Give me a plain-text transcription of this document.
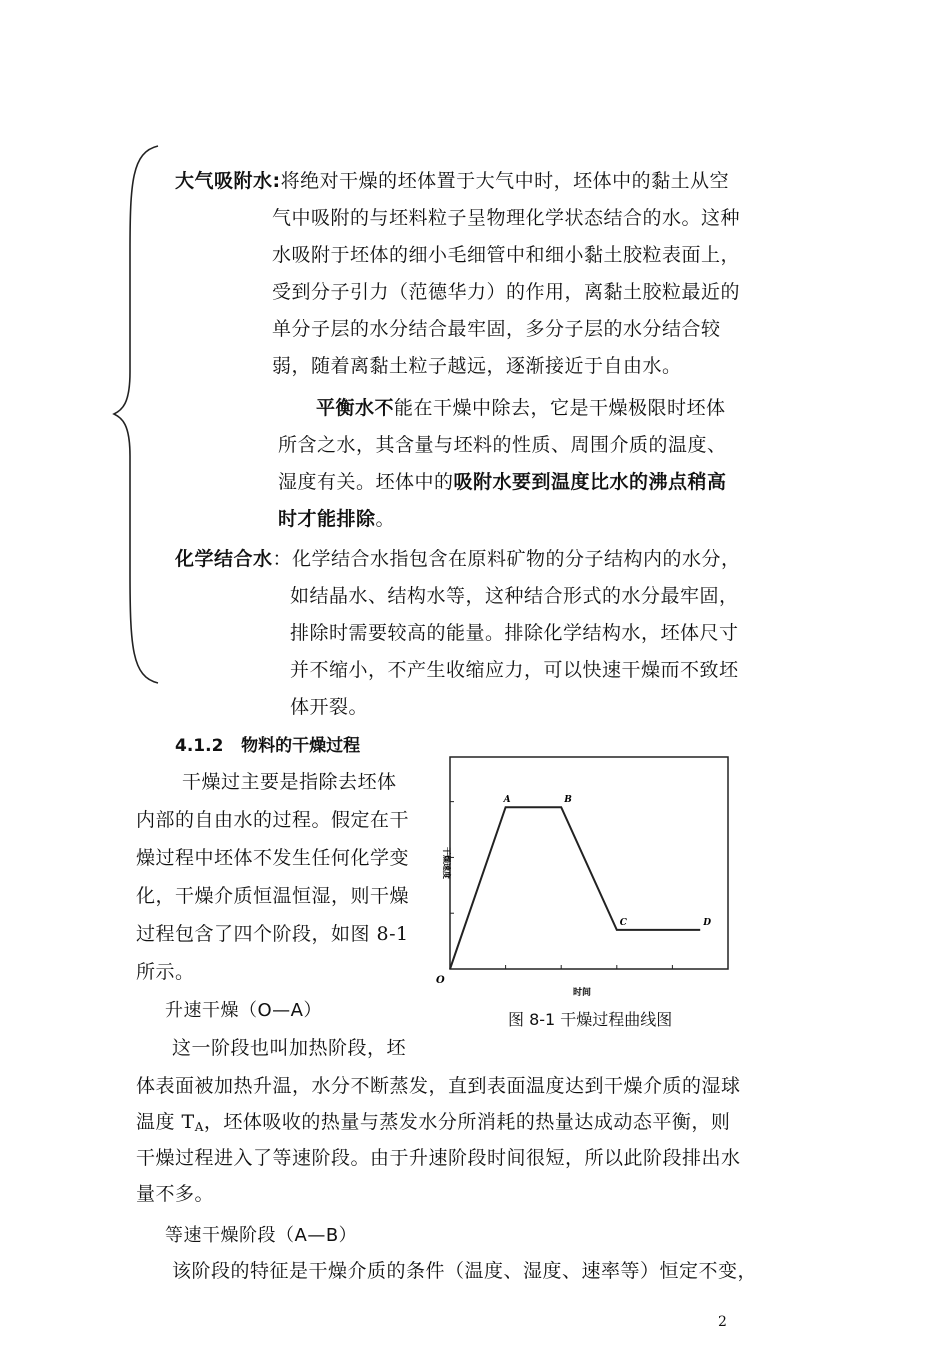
大气吸附水:将绝对干燥的坯体置于大气中时，坯体中的黏土从空
气中吸附的与坯料粒子呈物理化学状态结合的水。这种
水吸附于坯体的细小毛细管中和细小黏土胶粒表面上，
受到分子引力（范德华力）的作用，离黏土胶粒最近的
单分子层的水分结合最牢固，多分子层的水分结合较
弱，随着离黏土粒子越远，逐渐接近于自由水。
平衡水不能在干燥中除去，它是干燥极限时坯体
所含之水，其含量与坯料的性质、周围介质的温度、
湿度有关。坯体中的吸附水要到温度比水的沸点稍高
时才能排除。
化学结合水：化学结合水指包含在原料矿物的分子结构内的水分，
如结晶水、结构水等，这种结合形式的水分最牢固，
排除时需要较高的能量。排除化学结构水，坯体尺寸
并不缩小，不产生收缩应力，可以快速干燥而不致坯
体开裂。
4.1.2 物料的干燥过程
干燥过主要是指除去坯体
内部的自由水的过程。假定在干
燥过程中坯体不发生任何化学变
化，干燥介质恒温恒湿，则干燥
过程包含了四个阶段，如图 8-1
所示。
升速干燥（O—A）
这一阶段也叫加热阶段，坯
体表面被加热升温，水分不断蒸发，直到表面温度达到干燥介质的湿球
温度 $T_A$，坯体吸收的热量与蒸发水分所消耗的热量达成动态平衡，则
干燥过程进入了等速阶段。由于升速阶段时间很短，所以此阶段排出水
量不多。
等速干燥阶段（A—B）
该阶段的特征是干燥介质的条件（温度、湿度、速率等）恒定不变，
A	B
C	D
O
时间
干燥速度
图 8-1 干燥过程曲线图
2
